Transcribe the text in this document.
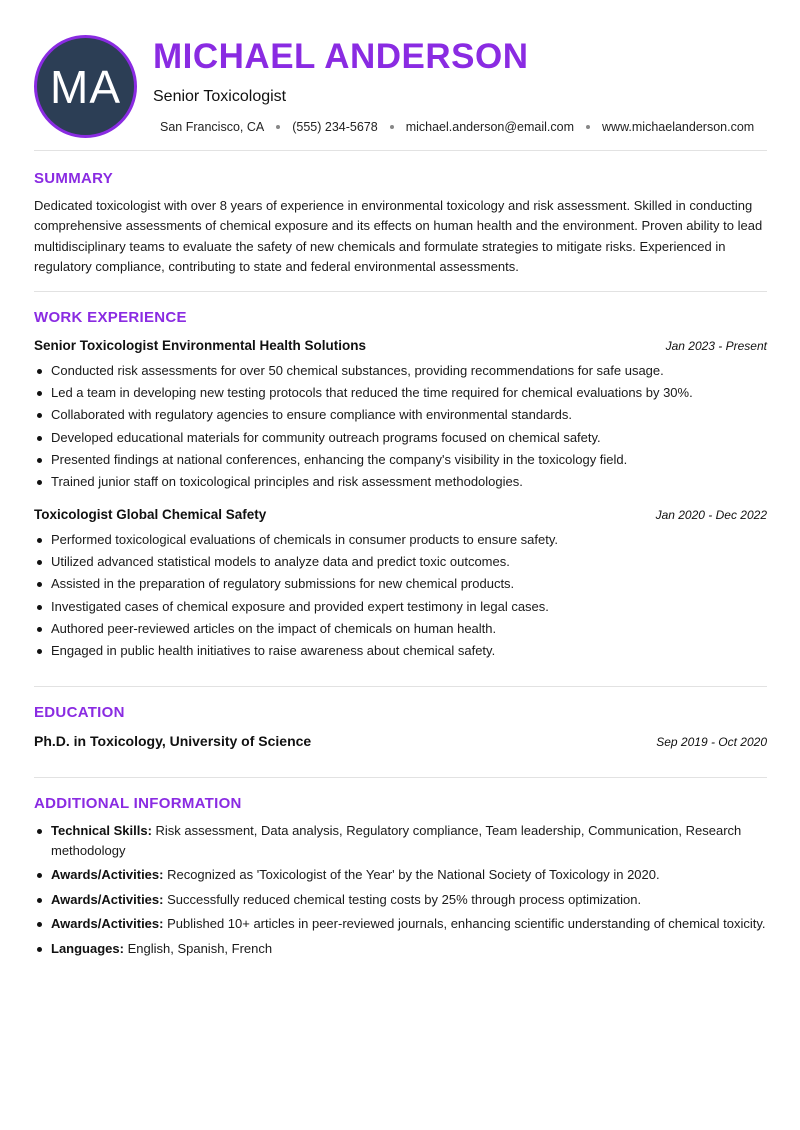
MA
MICHAEL ANDERSON
Senior Toxicologist
San Francisco, CA (555) 234-5678 michael.anderson@email.com www.michaelanderson.com
SUMMARY

Dedicated toxicologist with over 8 years of experience in environmental toxicology and risk assessment. Skilled in conducting comprehensive assessments of chemical exposure and its effects on human health and the environment. Proven ability to lead multidisciplinary teams to evaluate the safety of new chemicals and formulate strategies to mitigate risks. Experienced in regulatory compliance, contributing to state and federal environmental assessments.

WORK EXPERIENCE
Senior Toxicologist Environmental Health Solutions	Jan 2023 - Present
Conducted risk assessments for over 50 chemical substances, providing recommendations for safe usage.
Led a team in developing new testing protocols that reduced the time required for chemical evaluations by 30%.
Collaborated with regulatory agencies to ensure compliance with environmental standards.
Developed educational materials for community outreach programs focused on chemical safety.
Presented findings at national conferences, enhancing the company's visibility in the toxicology field.
Trained junior staff on toxicological principles and risk assessment methodologies.
Toxicologist Global Chemical Safety	Jan 2020 - Dec 2022
Performed toxicological evaluations of chemicals in consumer products to ensure safety.
Utilized advanced statistical models to analyze data and predict toxic outcomes.
Assisted in the preparation of regulatory submissions for new chemical products.
Investigated cases of chemical exposure and provided expert testimony in legal cases.
Authored peer-reviewed articles on the impact of chemicals on human health.
Engaged in public health initiatives to raise awareness about chemical safety.
EDUCATION
Ph.D. in Toxicology, University of Science	Sep 2019 - Oct 2020
ADDITIONAL INFORMATION
Technical Skills: Risk assessment, Data analysis, Regulatory compliance, Team leadership, Communication, Research methodology
Awards/Activities: Recognized as 'Toxicologist of the Year' by the National Society of Toxicology in 2020.
Awards/Activities: Successfully reduced chemical testing costs by 25% through process optimization.
Awards/Activities: Published 10+ articles in peer-reviewed journals, enhancing scientific understanding of chemical toxicity.
Languages: English, Spanish, French
